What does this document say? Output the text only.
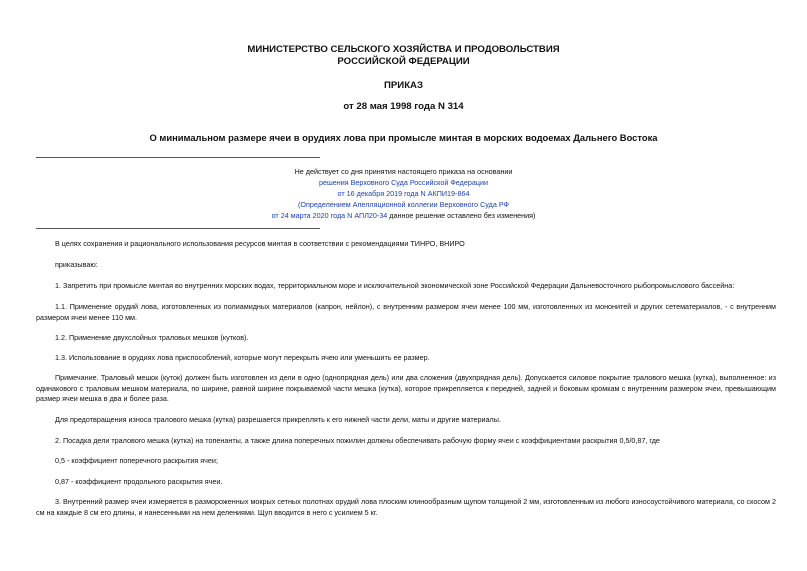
МИНИСТЕРСТВО СЕЛЬСКОГО ХОЗЯЙСТВА И ПРОДОВОЛЬСТВИЯ
РОССИЙСКОЙ ФЕДЕРАЦИИ
ПРИКАЗ
от 28 мая 1998 года N 314
О минимальном размере ячеи в орудиях лова при промысле минтая в морских водоемах Дальнего Востока
Не действует со дня принятия настоящего приказа на основании
решения Верховного Суда Российской Федерации
от 16 декабря 2019 года N АКПИ19-864
(Определением Апелляционной коллегии Верховного Суда РФ
от 24 марта 2020 года N АПЛ20-34 данное решение оставлено без изменения)
В целях сохранения и рационального использования ресурсов минтая в соответствии с рекомендациями ТИНРО, ВНИРО
приказываю:
1. Запретить при промысле минтая во внутренних морских водах, территориальном море и исключительной экономической зоне Российской Федерации Дальневосточного рыбопромыслового бассейна:
1.1. Применение орудий лова, изготовленных из полиамидных материалов (капрон, нейлон), с внутренним размером ячеи менее 100 мм, изготовленных из мононитей и других сетематериалов, - с внутренним размером ячеи менее 110 мм.
1.2. Применение двухслойных траловых мешков (кутков).
1.3. Использование в орудиях лова приспособлений, которые могут перекрыть ячею или уменьшить ее размер.
Примечание. Траловый мешок (куток) должен быть изготовлен из дели в одно (однопрядная дель) или два сложения (двухпрядная дель). Допускается силовое покрытие тралового мешка (кутка), выполненное: из одинакового с траловым мешком материала, по ширине, равной ширине покрываемой части мешка (кутка), которое прикрепляется к передней, задней и боковым кромкам с внутренним размером ячеи, превышающим размер ячеи мешка в два и более раза.
Для предотвращения износа тралового мешка (кутка) разрешается прикреплять к его нижней части дели, маты и другие материалы.
2. Посадка дели тралового мешка (кутка) на топенанты, а также длина поперечных пожилин должны обеспечивать рабочую форму ячеи с коэффициентами раскрытия 0,5/0,87, где
0,5 - коэффициент поперечного раскрытия ячеи;
0,87 - коэффициент продольного раскрытия ячеи.
3. Внутренний размер ячеи измеряется в размороженных мокрых сетных полотнах орудий лова плоским клинообразным щупом толщиной 2 мм, изготовленным из любого износоустойчивого материала, со скосом 2 см на каждые 8 см его длины, и нанесенными на нем делениями. Щуп вводится в него с усилием 5 кг.
